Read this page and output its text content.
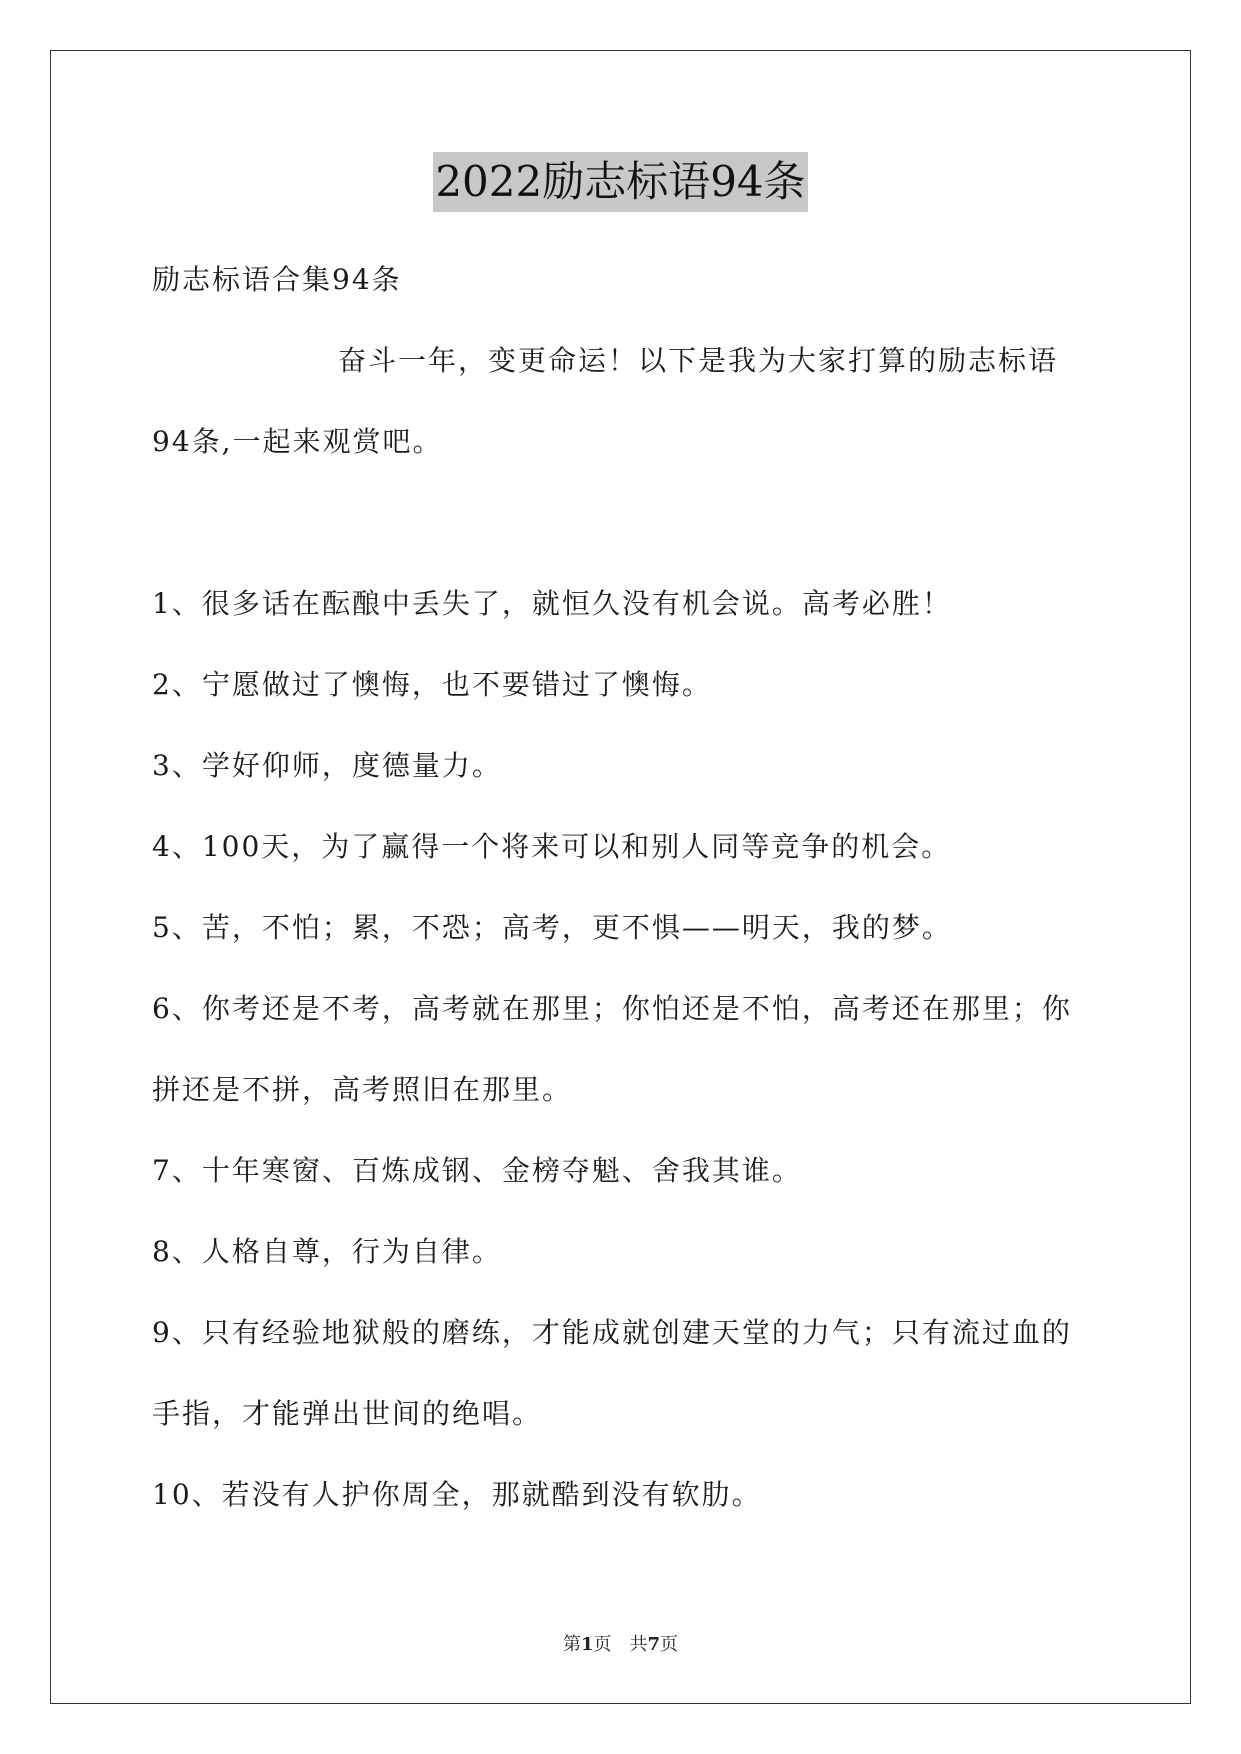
2022励志标语94条
励志标语合集94条
奋斗一年，变更命运！以下是我为大家打算的励志标语
94条,一起来观赏吧。
1、很多话在酝酿中丢失了，就恒久没有机会说。高考必胜！
2、宁愿做过了懊悔，也不要错过了懊悔。
3、学好仰师，度德量力。
4、100天，为了赢得一个将来可以和别人同等竞争的机会。
5、苦，不怕；累，不恐；高考，更不惧——明天，我的梦。
6、你考还是不考，高考就在那里；你怕还是不怕，高考还在那里；你
拼还是不拼，高考照旧在那里。
7、十年寒窗、百炼成钢、金榜夺魁、舍我其谁。
8、人格自尊，行为自律。
9、只有经验地狱般的磨练，才能成就创建天堂的力气；只有流过血的
手指，才能弹出世间的绝唱。
10、若没有人护你周全，那就酷到没有软肋。
第1页　共7页
